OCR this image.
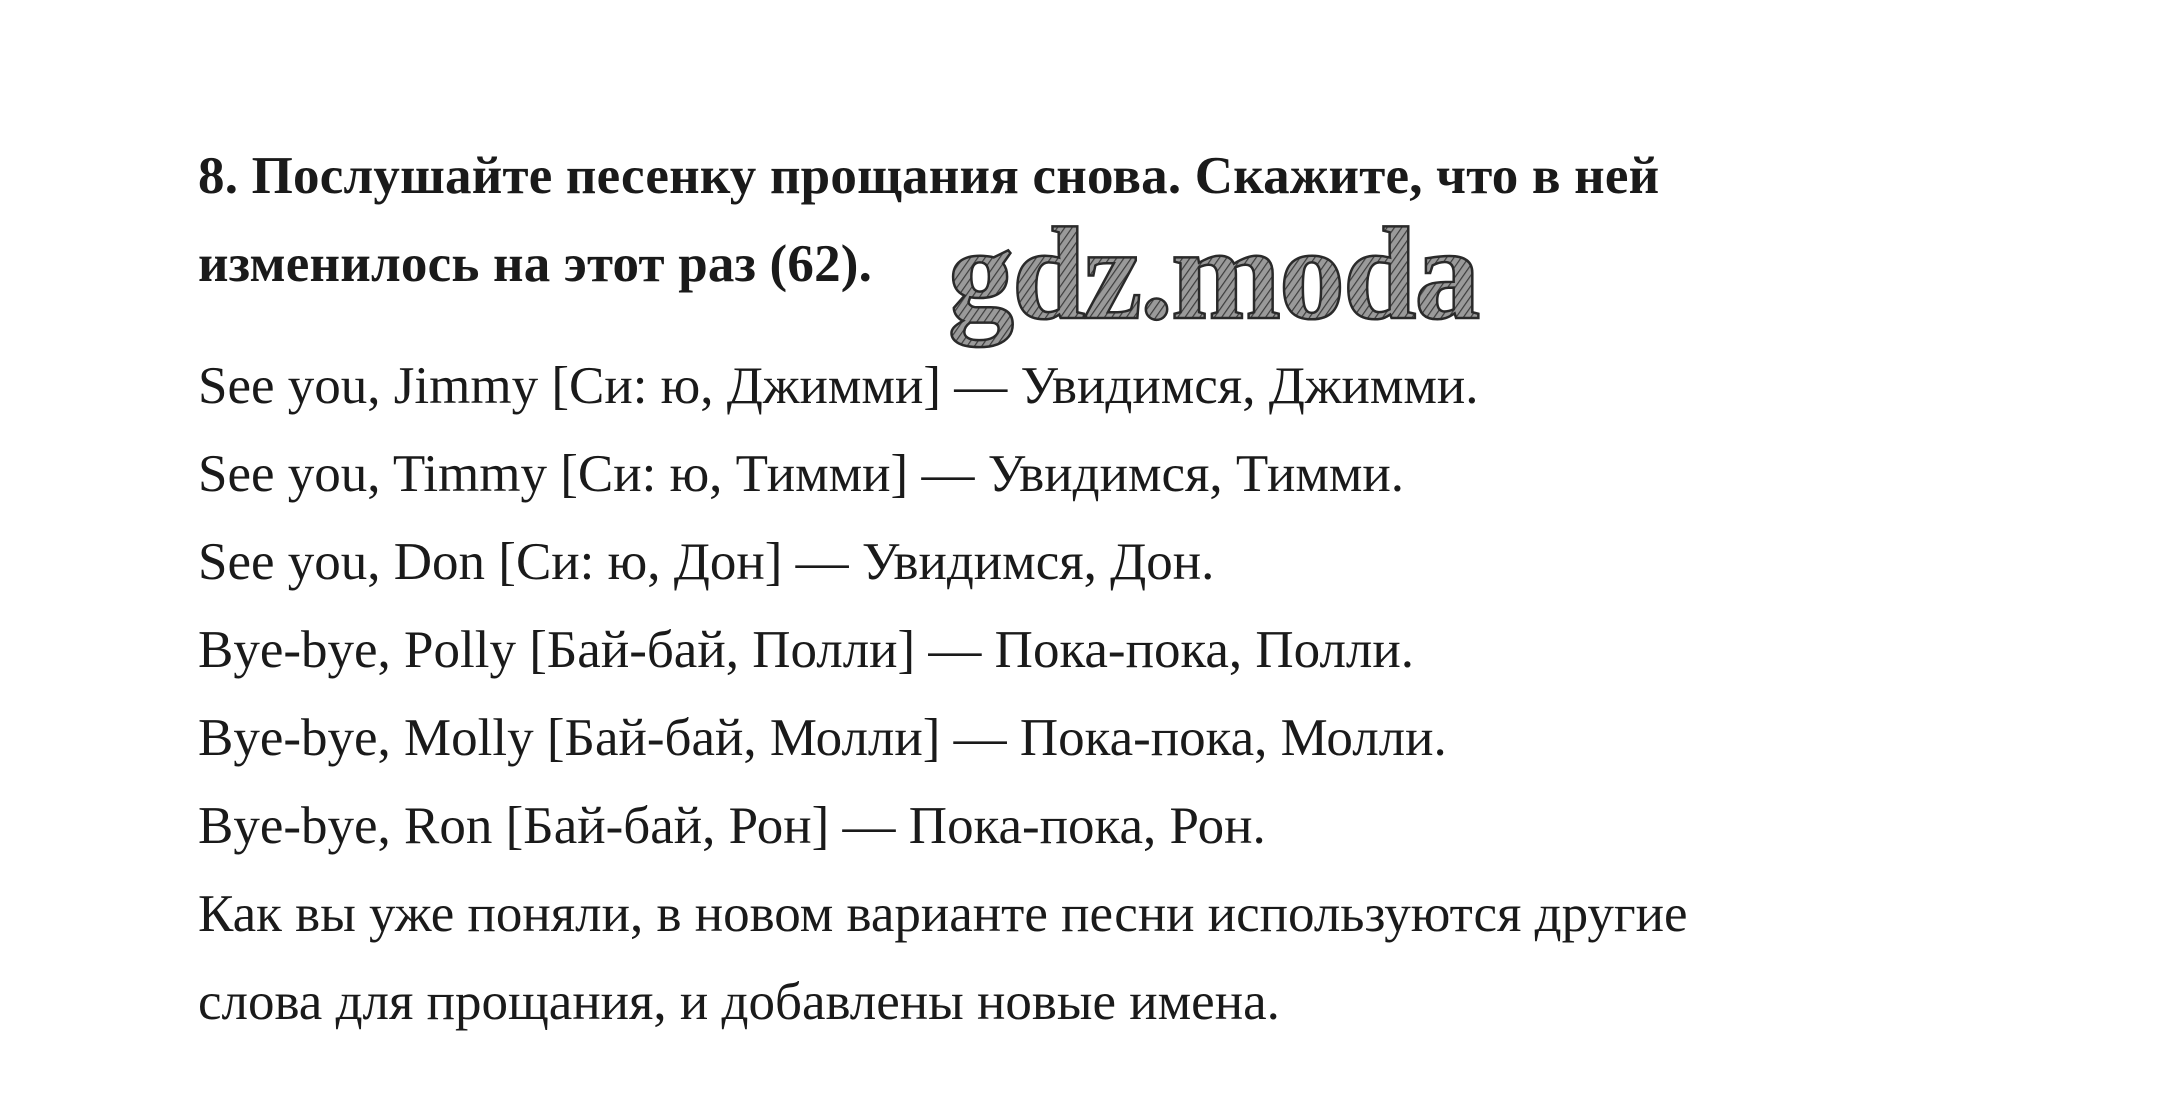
8. Послушайте песенку прощания снова. Скажите, что в ней
изменилось на этот раз (62). gdz.moda
See you, Jimmy [Си: ю, Джимми] — Увидимся, Джимми.
See you, Timmy [Си: ю, Тимми] — Увидимся, Тимми.
See you, Don [Си: ю, Дон] — Увидимся, Дон.
Bye-bye, Polly [Бай-бай, Полли] — Пока-пока, Полли.
Bye-bye, Molly [Бай-бай, Молли] — Пока-пока, Молли.
Bye-bye, Ron [Бай-бай, Рон] — Пока-пока, Рон.
Как вы уже поняли, в новом варианте песни используются другие
слова для прощания, и добавлены новые имена.
